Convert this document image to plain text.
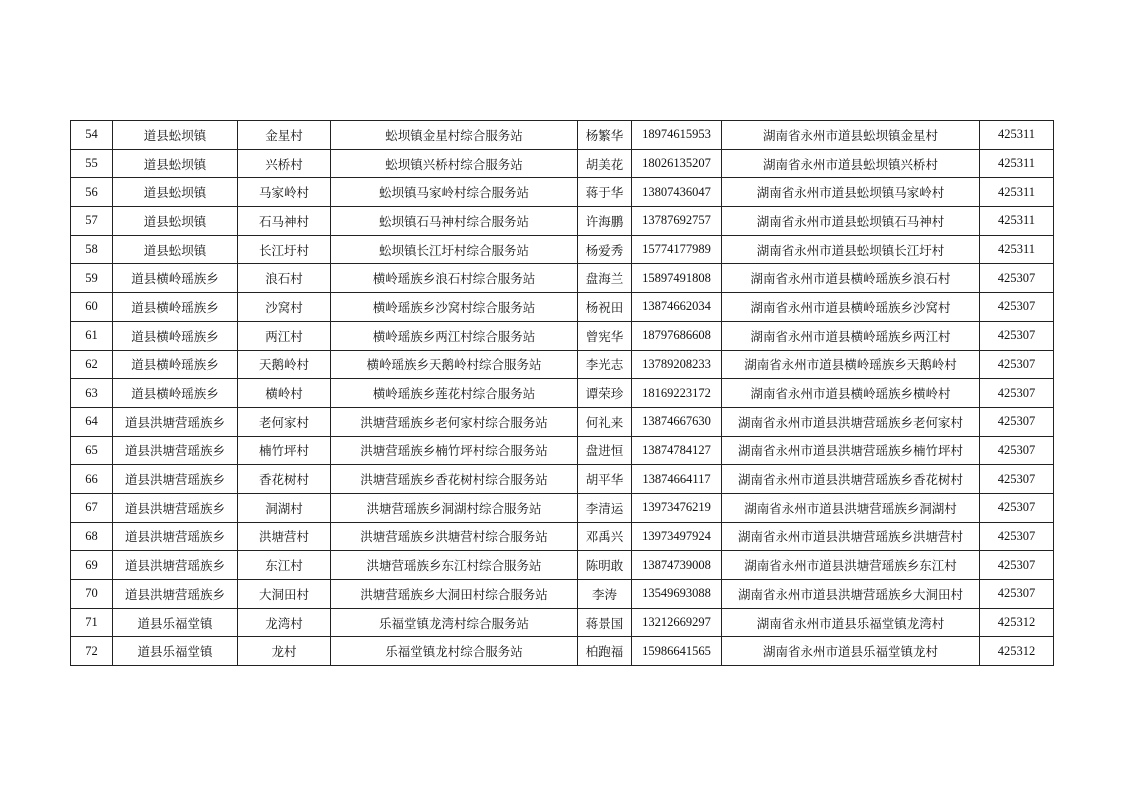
54	道县蚣坝镇	金星村	蚣坝镇金星村综合服务站	杨繁华	18974615953	湖南省永州市道县蚣坝镇金星村	425311
55	道县蚣坝镇	兴桥村	蚣坝镇兴桥村综合服务站	胡美花	18026135207	湖南省永州市道县蚣坝镇兴桥村	425311
56	道县蚣坝镇	马家岭村	蚣坝镇马家岭村综合服务站	蒋于华	13807436047	湖南省永州市道县蚣坝镇马家岭村	425311
57	道县蚣坝镇	石马神村	蚣坝镇石马神村综合服务站	许海鹏	13787692757	湖南省永州市道县蚣坝镇石马神村	425311
58	道县蚣坝镇	长江圩村	蚣坝镇长江圩村综合服务站	杨爱秀	15774177989	湖南省永州市道县蚣坝镇长江圩村	425311
59	道县横岭瑶族乡	浪石村	横岭瑶族乡浪石村综合服务站	盘海兰	15897491808	湖南省永州市道县横岭瑶族乡浪石村	425307
60	道县横岭瑶族乡	沙窝村	横岭瑶族乡沙窝村综合服务站	杨祝田	13874662034	湖南省永州市道县横岭瑶族乡沙窝村	425307
61	道县横岭瑶族乡	两江村	横岭瑶族乡两江村综合服务站	曾宪华	18797686608	湖南省永州市道县横岭瑶族乡两江村	425307
62	道县横岭瑶族乡	天鹅岭村	横岭瑶族乡天鹅岭村综合服务站	李光志	13789208233	湖南省永州市道县横岭瑶族乡天鹅岭村	425307
63	道县横岭瑶族乡	横岭村	横岭瑶族乡莲花村综合服务站	谭荣珍	18169223172	湖南省永州市道县横岭瑶族乡横岭村	425307
64	道县洪塘营瑶族乡	老何家村	洪塘营瑶族乡老何家村综合服务站	何礼来	13874667630	湖南省永州市道县洪塘营瑶族乡老何家村	425307
65	道县洪塘营瑶族乡	楠竹坪村	洪塘营瑶族乡楠竹坪村综合服务站	盘进恒	13874784127	湖南省永州市道县洪塘营瑶族乡楠竹坪村	425307
66	道县洪塘营瑶族乡	香花树村	洪塘营瑶族乡香花树村综合服务站	胡平华	13874664117	湖南省永州市道县洪塘营瑶族乡香花树村	425307
67	道县洪塘营瑶族乡	洞湖村	洪塘营瑶族乡洞湖村综合服务站	李清运	13973476219	湖南省永州市道县洪塘营瑶族乡洞湖村	425307
68	道县洪塘营瑶族乡	洪塘营村	洪塘营瑶族乡洪塘营村综合服务站	邓禹兴	13973497924	湖南省永州市道县洪塘营瑶族乡洪塘营村	425307
69	道县洪塘营瑶族乡	东江村	洪塘营瑶族乡东江村综合服务站	陈明敢	13874739008	湖南省永州市道县洪塘营瑶族乡东江村	425307
70	道县洪塘营瑶族乡	大洞田村	洪塘营瑶族乡大洞田村综合服务站	李涛	13549693088	湖南省永州市道县洪塘营瑶族乡大洞田村	425307
71	道县乐福堂镇	龙湾村	乐福堂镇龙湾村综合服务站	蒋景国	13212669297	湖南省永州市道县乐福堂镇龙湾村	425312
72	道县乐福堂镇	龙村	乐福堂镇龙村综合服务站	柏跑福	15986641565	湖南省永州市道县乐福堂镇龙村	425312
